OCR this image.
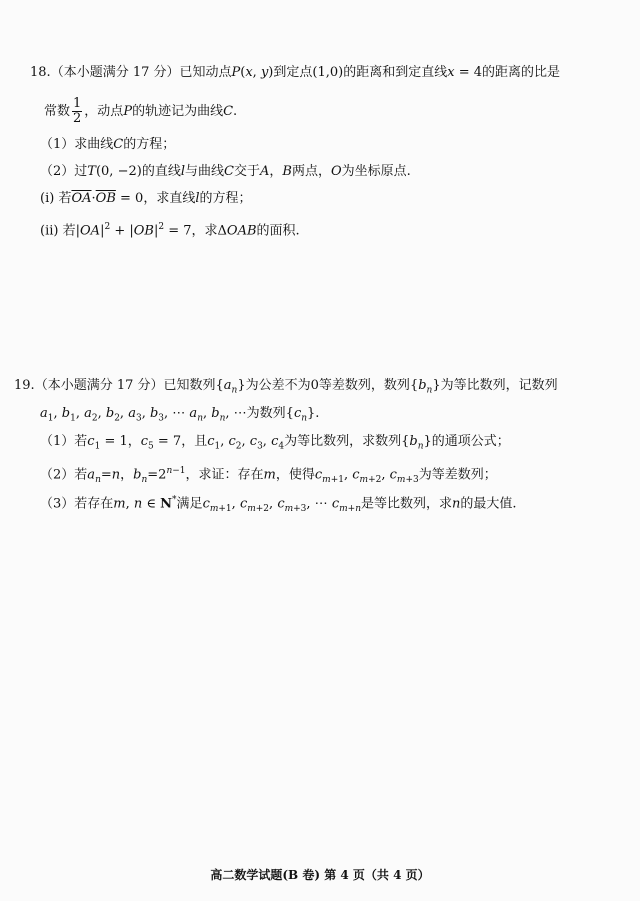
18.（本小题满分 17 分）已知动点P(x, y)到定点(1,0)的距离和到定直线x = 4的距离的比是
常数 $\frac{1}{2}$ ，动点P的轨迹记为曲线C.
（1）求曲线C的方程；
（2）过T(0, −2)的直线l与曲线C交于A，B两点，O为坐标原点.
(ⅰ) 若$\overline{OA}\cdot\overline{OB} = 0$，求直线l的方程；
(ⅱ) 若$|OA|^2 + |OB|^2 = 7$，求ΔOAB的面积.
19.（本小题满分 17 分）已知数列$\{a_n\}$为公差不为0等差数列，数列$\{b_n\}$为等比数列，记数列
$a_1$, $b_1$, $a_2$, $b_2$, $a_3$, $b_3$, ⋯ $a_n$, $b_n$, ⋯为数列$\{c_n\}$.
（1）若$c_1 = 1$，$c_5 = 7$，且$c_1$, $c_2$, $c_3$, $c_4$为等比数列，求数列$\{b_n\}$的通项公式；
（2）若$a_n=n$，$b_n=2^{n-1}$，求证：存在m，使得$c_{m+1}$, $c_{m+2}$, $c_{m+3}$为等差数列；
（3）若存在m, n ∈ N*满足$c_{m+1}$, $c_{m+2}$, $c_{m+3}$, ⋯ $c_{m+n}$是等比数列，求n的最大值.
高二数学试题(B 卷) 第 4 页（共 4 页）
